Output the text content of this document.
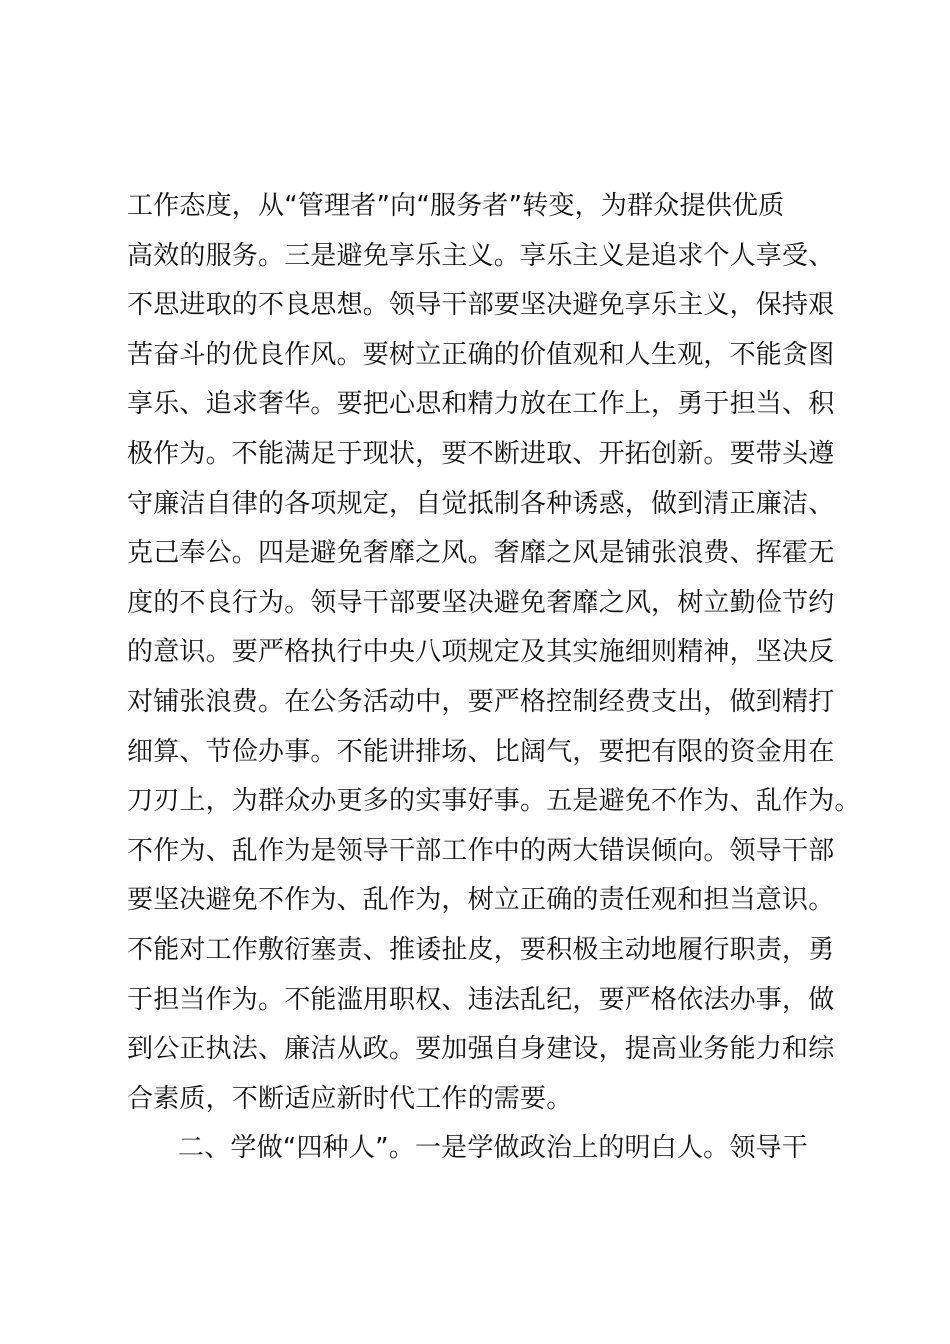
工作态度，从“管理者”向“服务者”转变，为群众提供优质
高效的服务。三是避免享乐主义。享乐主义是追求个人享受、
不思进取的不良思想。领导干部要坚决避免享乐主义，保持艰
苦奋斗的优良作风。要树立正确的价值观和人生观，不能贪图
享乐、追求奢华。要把心思和精力放在工作上，勇于担当、积
极作为。不能满足于现状，要不断进取、开拓创新。要带头遵
守廉洁自律的各项规定，自觉抵制各种诱惑，做到清正廉洁、
克己奉公。四是避免奢靡之风。奢靡之风是铺张浪费、挥霍无
度的不良行为。领导干部要坚决避免奢靡之风，树立勤俭节约
的意识。要严格执行中央八项规定及其实施细则精神，坚决反
对铺张浪费。在公务活动中，要严格控制经费支出，做到精打
细算、节俭办事。不能讲排场、比阔气，要把有限的资金用在
刀刃上，为群众办更多的实事好事。五是避免不作为、乱作为。
不作为、乱作为是领导干部工作中的两大错误倾向。领导干部
要坚决避免不作为、乱作为，树立正确的责任观和担当意识。
不能对工作敷衍塞责、推诿扯皮，要积极主动地履行职责，勇
于担当作为。不能滥用职权、违法乱纪，要严格依法办事，做
到公正执法、廉洁从政。要加强自身建设，提高业务能力和综
合素质，不断适应新时代工作的需要。
二、学做“四种人”。一是学做政治上的明白人。领导干
